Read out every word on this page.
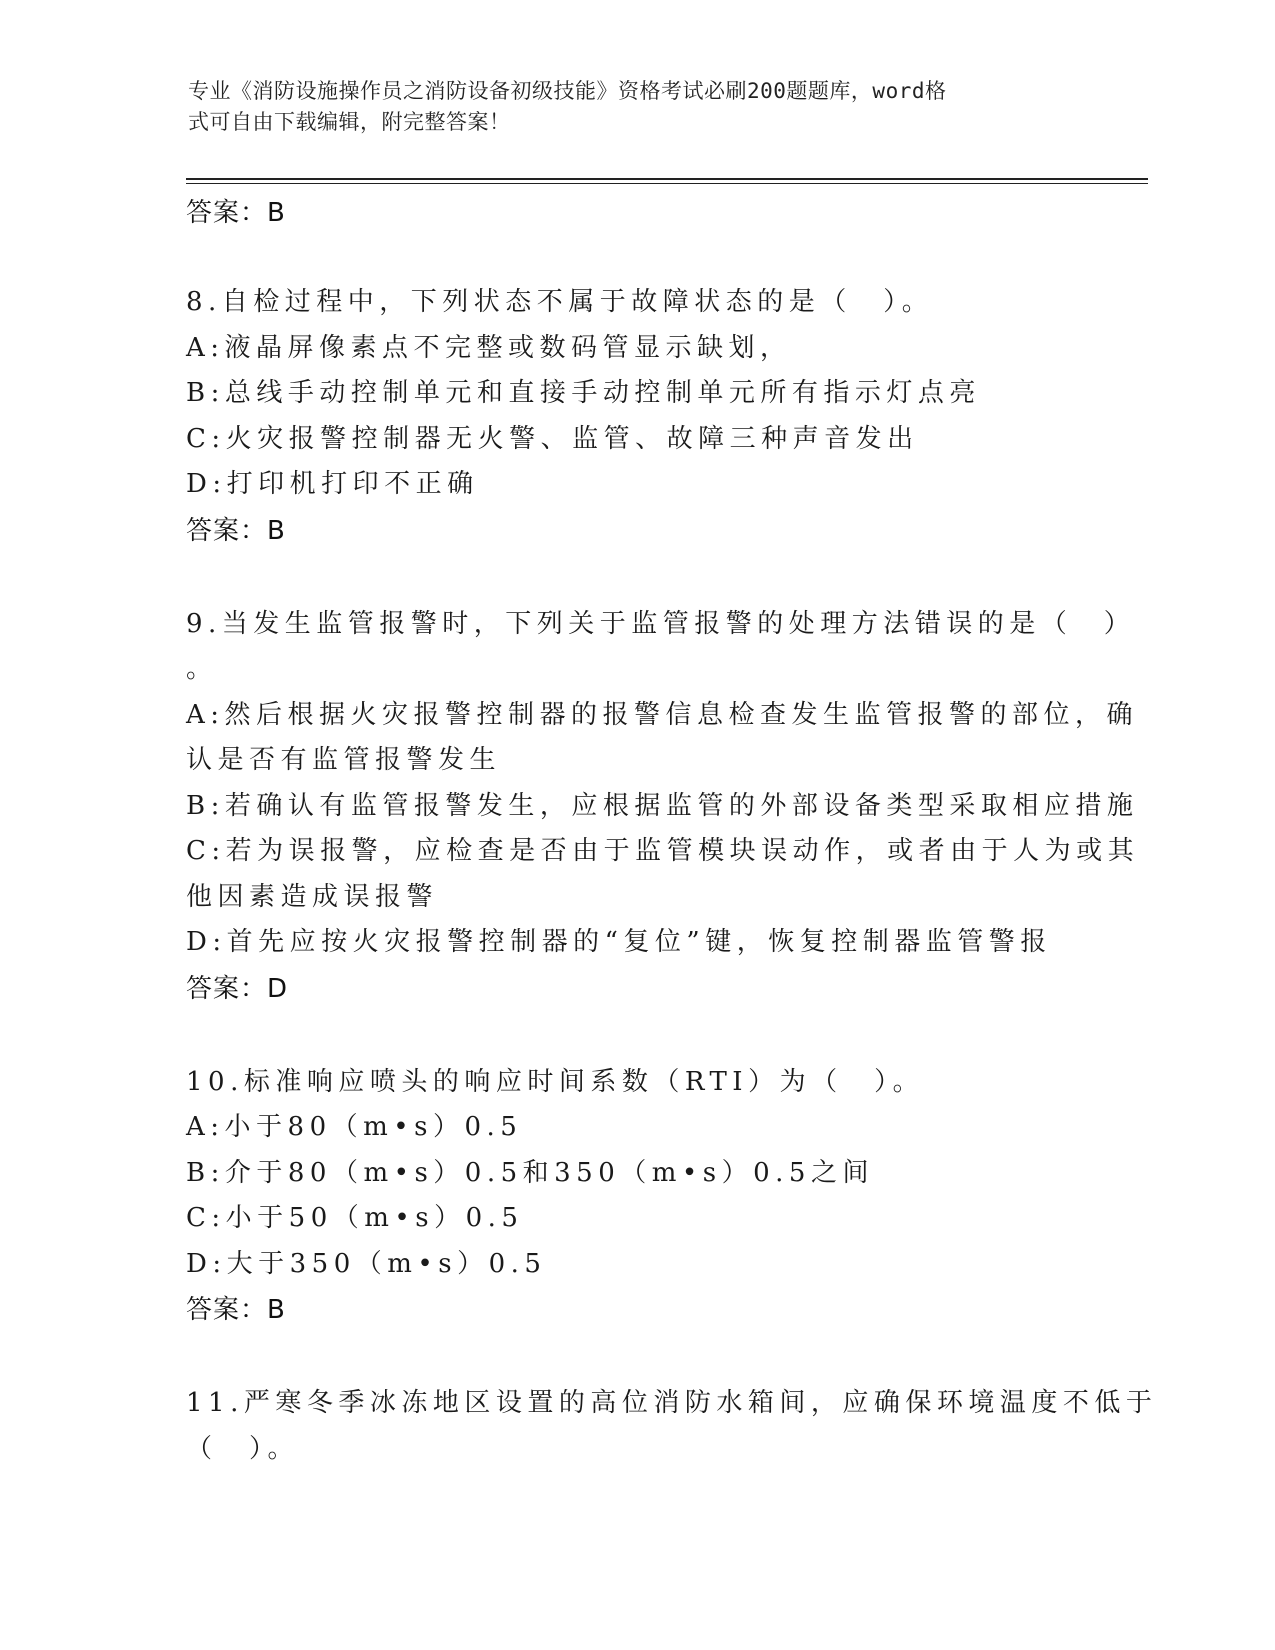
专业《消防设施操作员之消防设备初级技能》资格考试必刷200题题库，word格
式可自由下载编辑，附完整答案！
答案：B
8.自检过程中，下列状态不属于故障状态的是（　）。
A:液晶屏像素点不完整或数码管显示缺划，
B:总线手动控制单元和直接手动控制单元所有指示灯点亮
C:火灾报警控制器无火警、监管、故障三种声音发出
D:打印机打印不正确
答案：B
9.当发生监管报警时，下列关于监管报警的处理方法错误的是（　）
。
A:然后根据火灾报警控制器的报警信息检查发生监管报警的部位，确
认是否有监管报警发生
B:若确认有监管报警发生，应根据监管的外部设备类型采取相应措施
C:若为误报警，应检查是否由于监管模块误动作，或者由于人为或其
他因素造成误报警
D:首先应按火灾报警控制器的“复位”键，恢复控制器监管警报
答案：D
10.标准响应喷头的响应时间系数（RTI）为（　）。
A:小于80（m•s）0.5
B:介于80（m•s）0.5和350（m•s）0.5之间
C:小于50（m•s）0.5
D:大于350（m•s）0.5
答案：B
11.严寒冬季冰冻地区设置的高位消防水箱间，应确保环境温度不低于
（　）。
